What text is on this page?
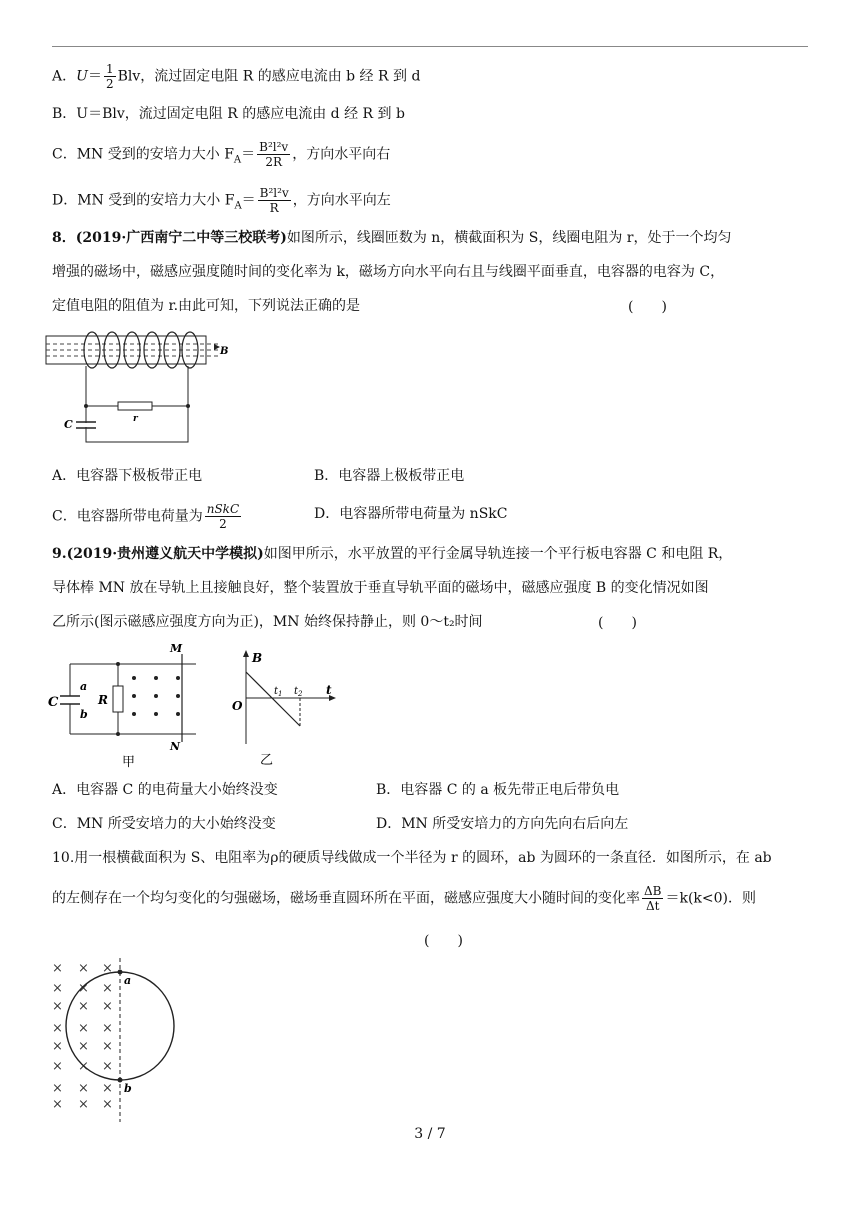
A．$U= \frac{1}{2}$ Blv，流过固定电阻 R 的感应电流由 b 经 R 到 d
B．U＝Blv，流过固定电阻 R 的感应电流由 d 经 R 到 b
C．MN 受到的安培力大小 $F_A= \frac{\text{B²l²v}}{2R}$ ，方向水平向右
D．MN 受到的安培力大小 $F_A= \frac{\text{B²l²v}}{R}$ ，方向水平向左
8．(2019·广西南宁二中等三校联考)如图所示，线圈匝数为 n，横截面积为 S，线圈电阻为 r，处于一个均匀
增强的磁场中，磁感应强度随时间的变化率为 k，磁场方向水平向右且与线圈平面垂直，电容器的电容为 C，
定值电阻的阻值为 r.由此可知，下列说法正确的是	(　　)
B
r
C
A．电容器下极板带正电	B．电容器上极板带正电
C．电容器所带电荷量为 $\frac{\text{nSkC}}{2}$	D．电容器所带电荷量为 nSkC
9.(2019·贵州遵义航天中学模拟)如图甲所示，水平放置的平行金属导轨连接一个平行板电容器 C 和电阻 R，
导体棒 MN 放在导轨上且接触良好，整个装置放于垂直导轨平面的磁场中，磁感应强度 B 的变化情况如图
乙所示(图示磁感应强度方向为正)，MN 始终保持静止，则 0～t₂时间	(　　)
a
b
C	R
M
N
甲
B
O
t
$t_1$ $t_2$
乙
A．电容器 C 的电荷量大小始终没变	B．电容器 C 的 a 板先带正电后带负电
C．MN 所受安培力的大小始终没变	D．MN 所受安培力的方向先向右后向左
10.用一根横截面积为 S、电阻率为ρ的硬质导线做成一个半径为 r 的圆环，ab 为圆环的一条直径．如图所示，在 ab
的左侧存在一个均匀变化的匀强磁场，磁场垂直圆环所在平面，磁感应强度大小随时间的变化率 $\frac{\Delta B}{\Delta t} =k(k<0)$．则
(　　)
× × ×
× × ×
× × ×
× × ×
× × ×
× × ×
× × ×
× × ×
a
b
3 / 7
